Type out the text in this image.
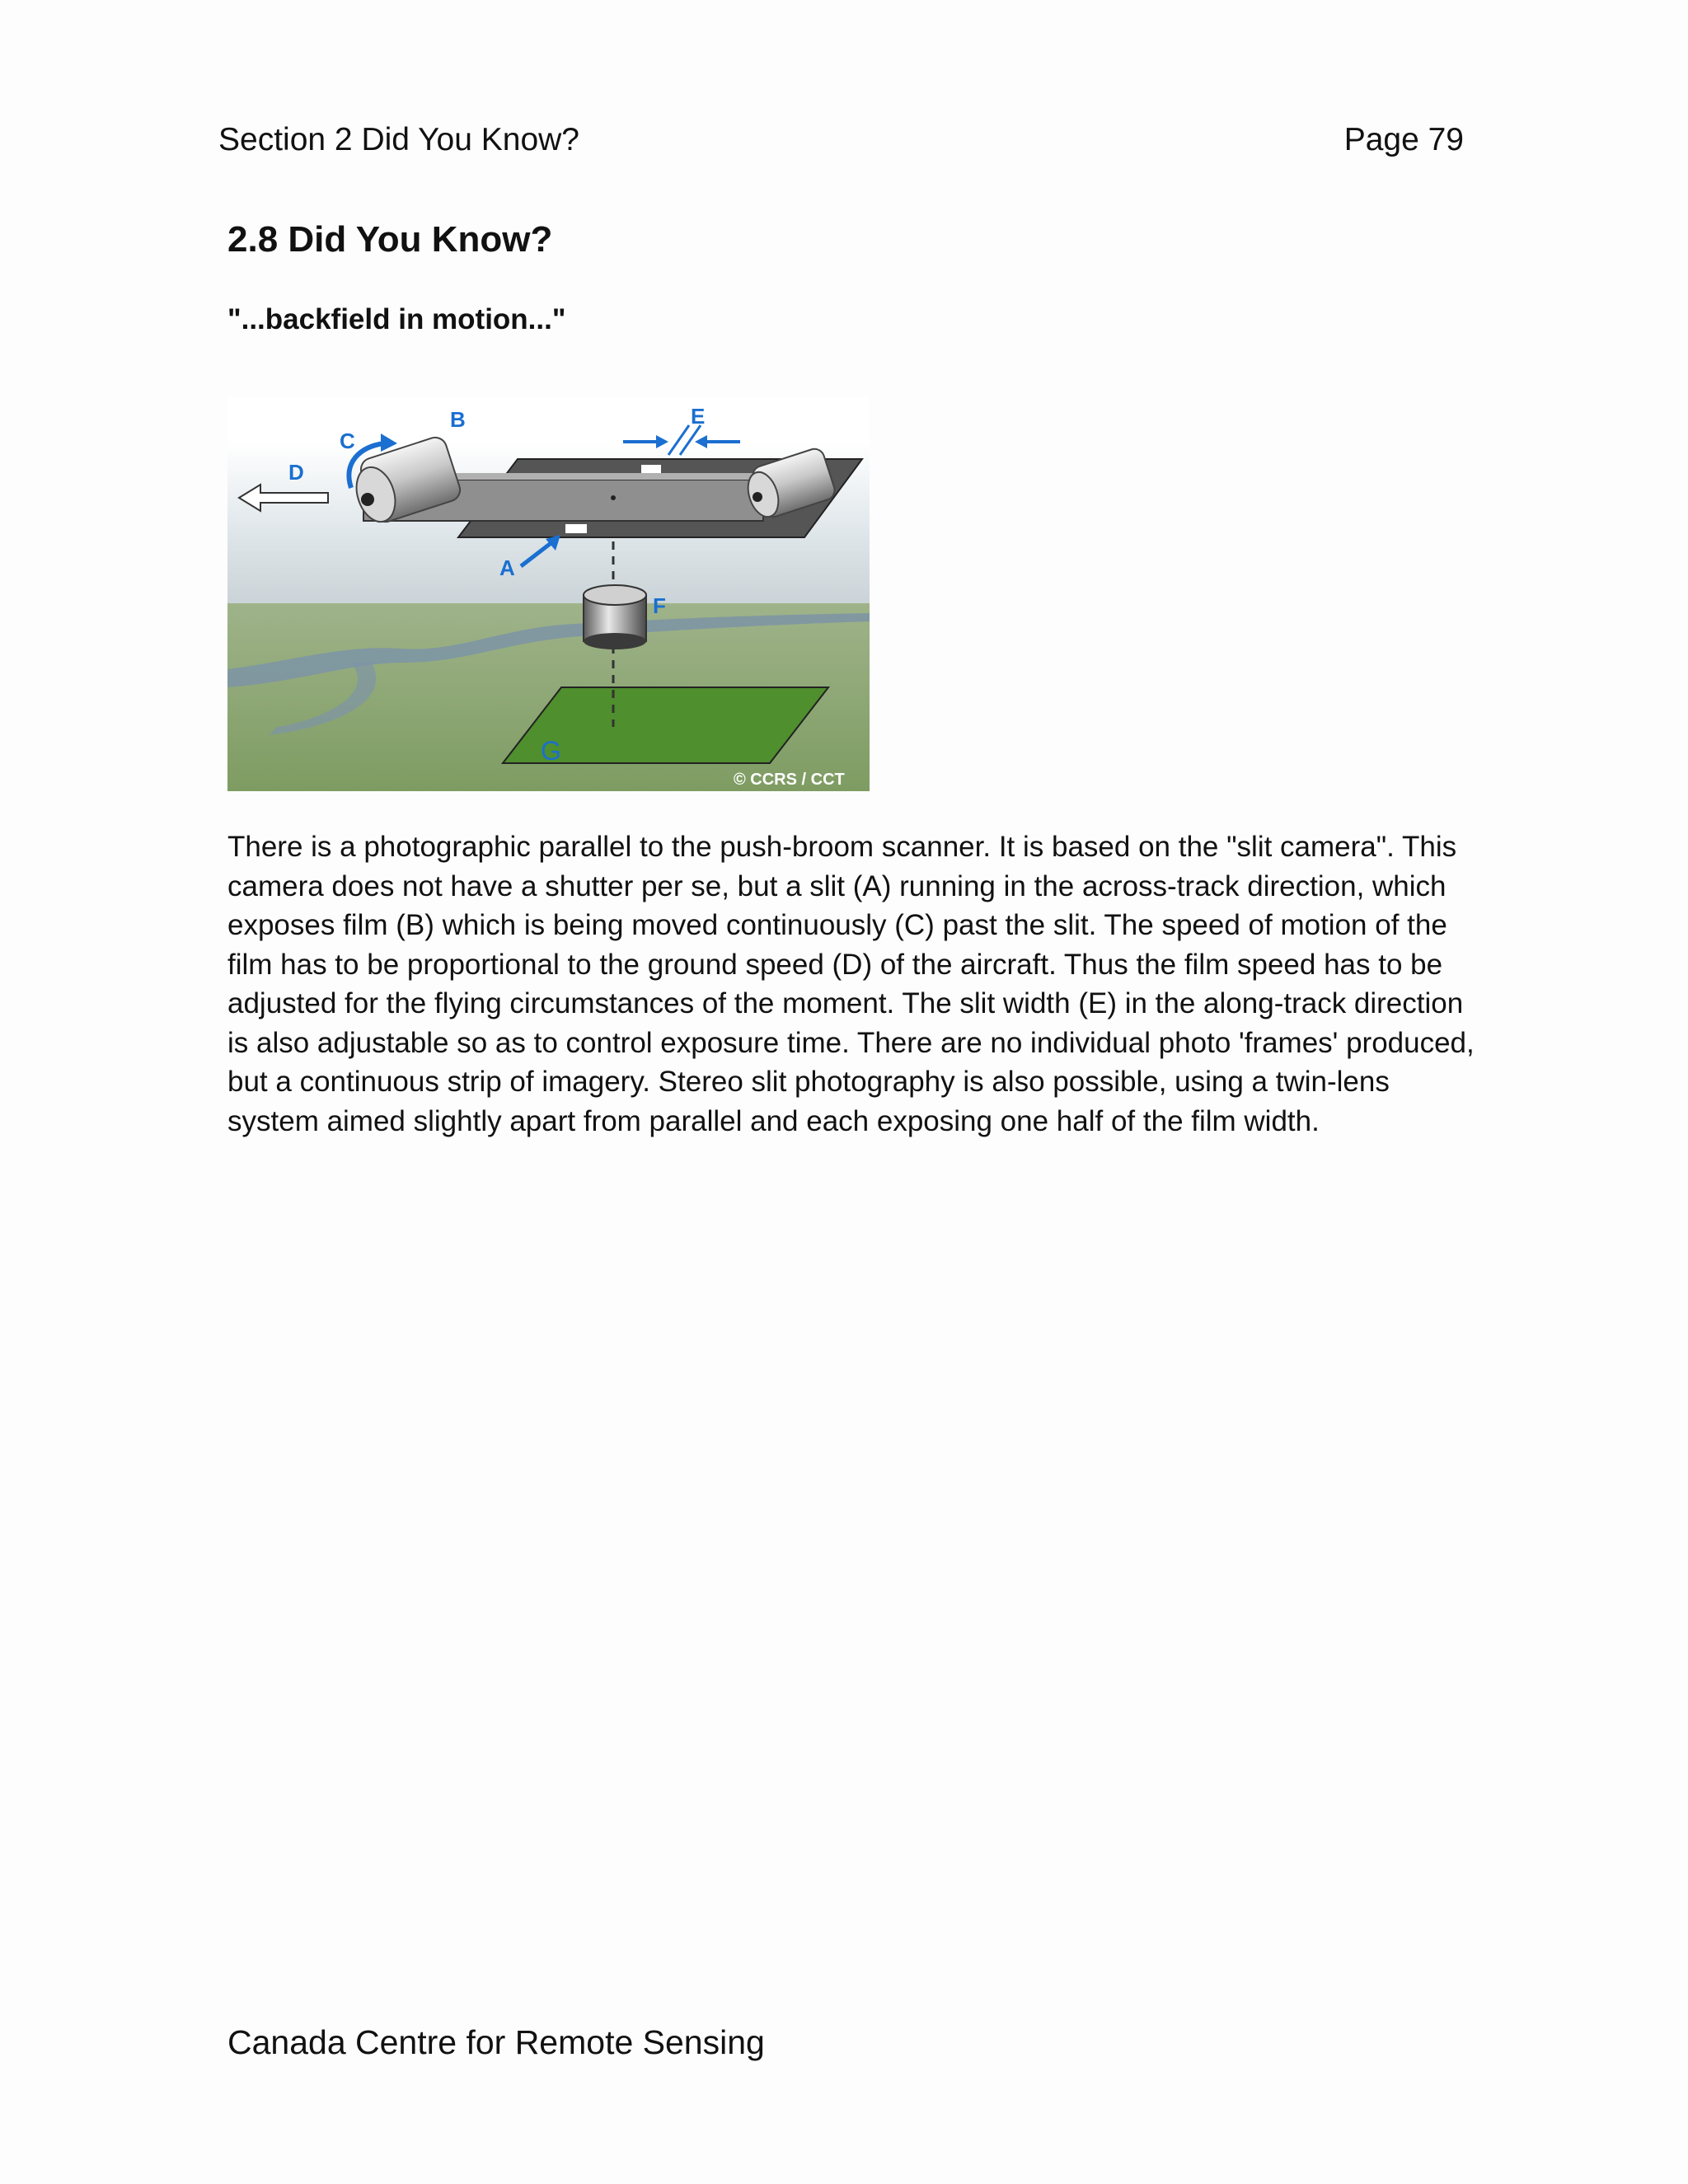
Section 2 Did You Know?	Page 79
2.8 Did You Know?
"...backfield in motion..."
B
C
D
E
A
F
G
© CCRS / CCT

There is a photographic parallel to the push-broom scanner. It is based on the "slit camera". This camera does not have a shutter per se, but a slit (A) running in the across-track direction, which exposes film (B) which is being moved continuously (C) past the slit. The speed of motion of the film has to be proportional to the ground speed (D) of the aircraft. Thus the film speed has to be adjusted for the flying circumstances of the moment. The slit width (E) in the along-track direction is also adjustable so as to control exposure time. There are no individual photo 'frames' produced, but a continuous strip of imagery. Stereo slit photography is also possible, using a twin-lens system aimed slightly apart from parallel and each exposing one half of the film width.

Canada Centre for Remote Sensing
